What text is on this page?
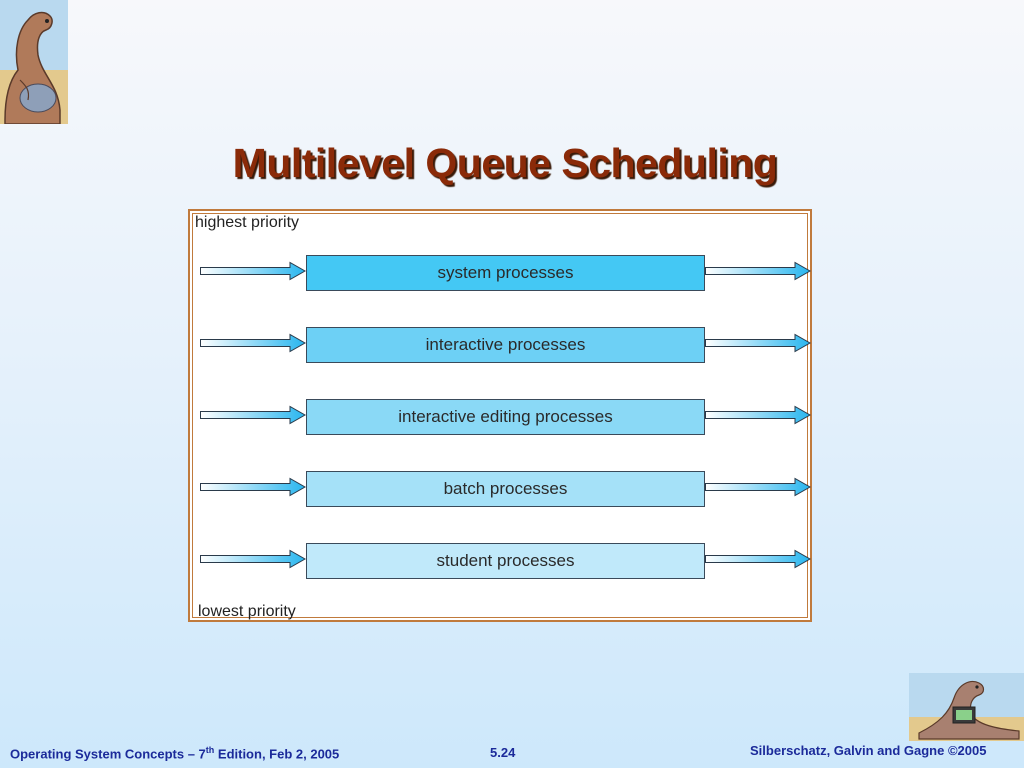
Multilevel Queue Scheduling
highest priority
system processes
interactive processes
interactive editing processes
batch processes
student processes
lowest priority
Operating System Concepts – 7th Edition, Feb 2, 2005	5.24	Silberschatz, Galvin and Gagne ©2005
